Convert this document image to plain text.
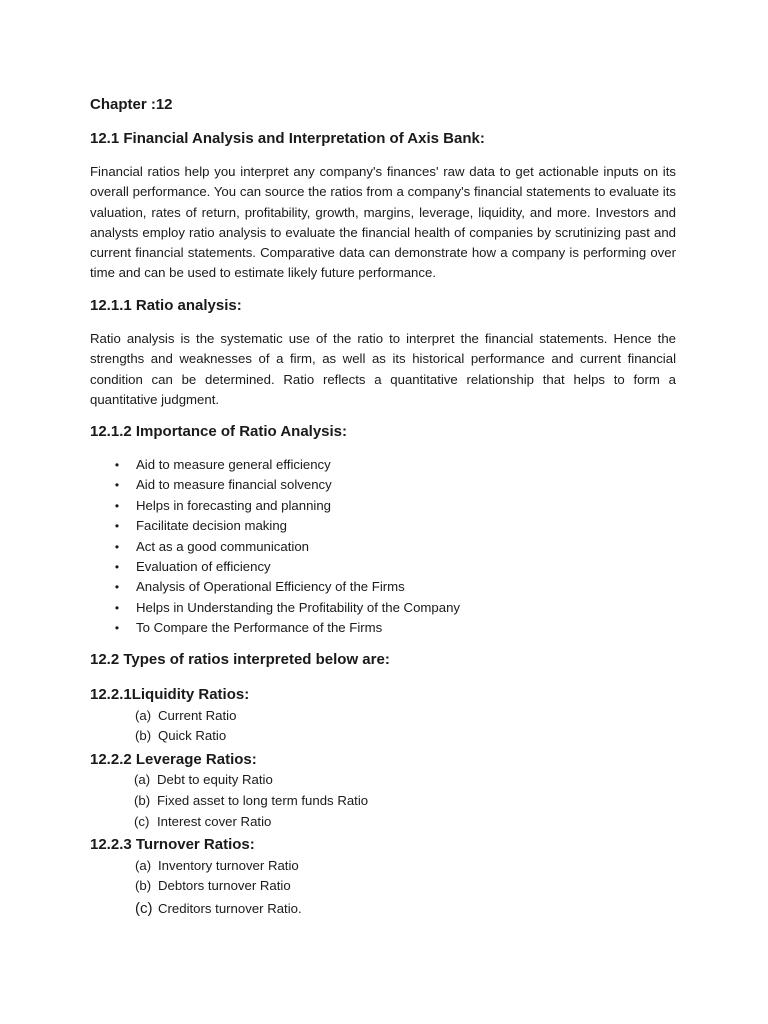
Chapter :12
12.1 Financial Analysis and Interpretation of Axis Bank:

Financial ratios help you interpret any company's finances' raw data to get actionable inputs on its overall performance. You can source the ratios from a company's financial statements to evaluate its valuation, rates of return, profitability, growth, margins, leverage, liquidity, and more. Investors and analysts employ ratio analysis to evaluate the financial health of companies by scrutinizing past and current financial statements. Comparative data can demonstrate how a company is performing over time and can be used to estimate likely future performance.

12.1.1 Ratio analysis:

Ratio analysis is the systematic use of the ratio to interpret the financial statements. Hence the strengths and weaknesses of a firm, as well as its historical performance and current financial condition can be determined. Ratio reflects a quantitative relationship that helps to form a quantitative judgment.

12.1.2 Importance of Ratio Analysis:
• Aid to measure general efficiency
• Aid to measure financial solvency
• Helps in forecasting and planning
• Facilitate decision making
• Act as a good communication
• Evaluation of efficiency
• Analysis of Operational Efficiency of the Firms
• Helps in Understanding the Profitability of the Company
• To Compare the Performance of the Firms
12.2 Types of ratios interpreted below are:
12.2.1Liquidity Ratios:
(a) Current Ratio
(b) Quick Ratio
12.2.2 Leverage Ratios:
(a) Debt to equity Ratio
(b) Fixed asset to long term funds Ratio
(c) Interest cover Ratio
12.2.3 Turnover Ratios:
(a) Inventory turnover Ratio
(b) Debtors turnover Ratio
(c) Creditors turnover Ratio.
